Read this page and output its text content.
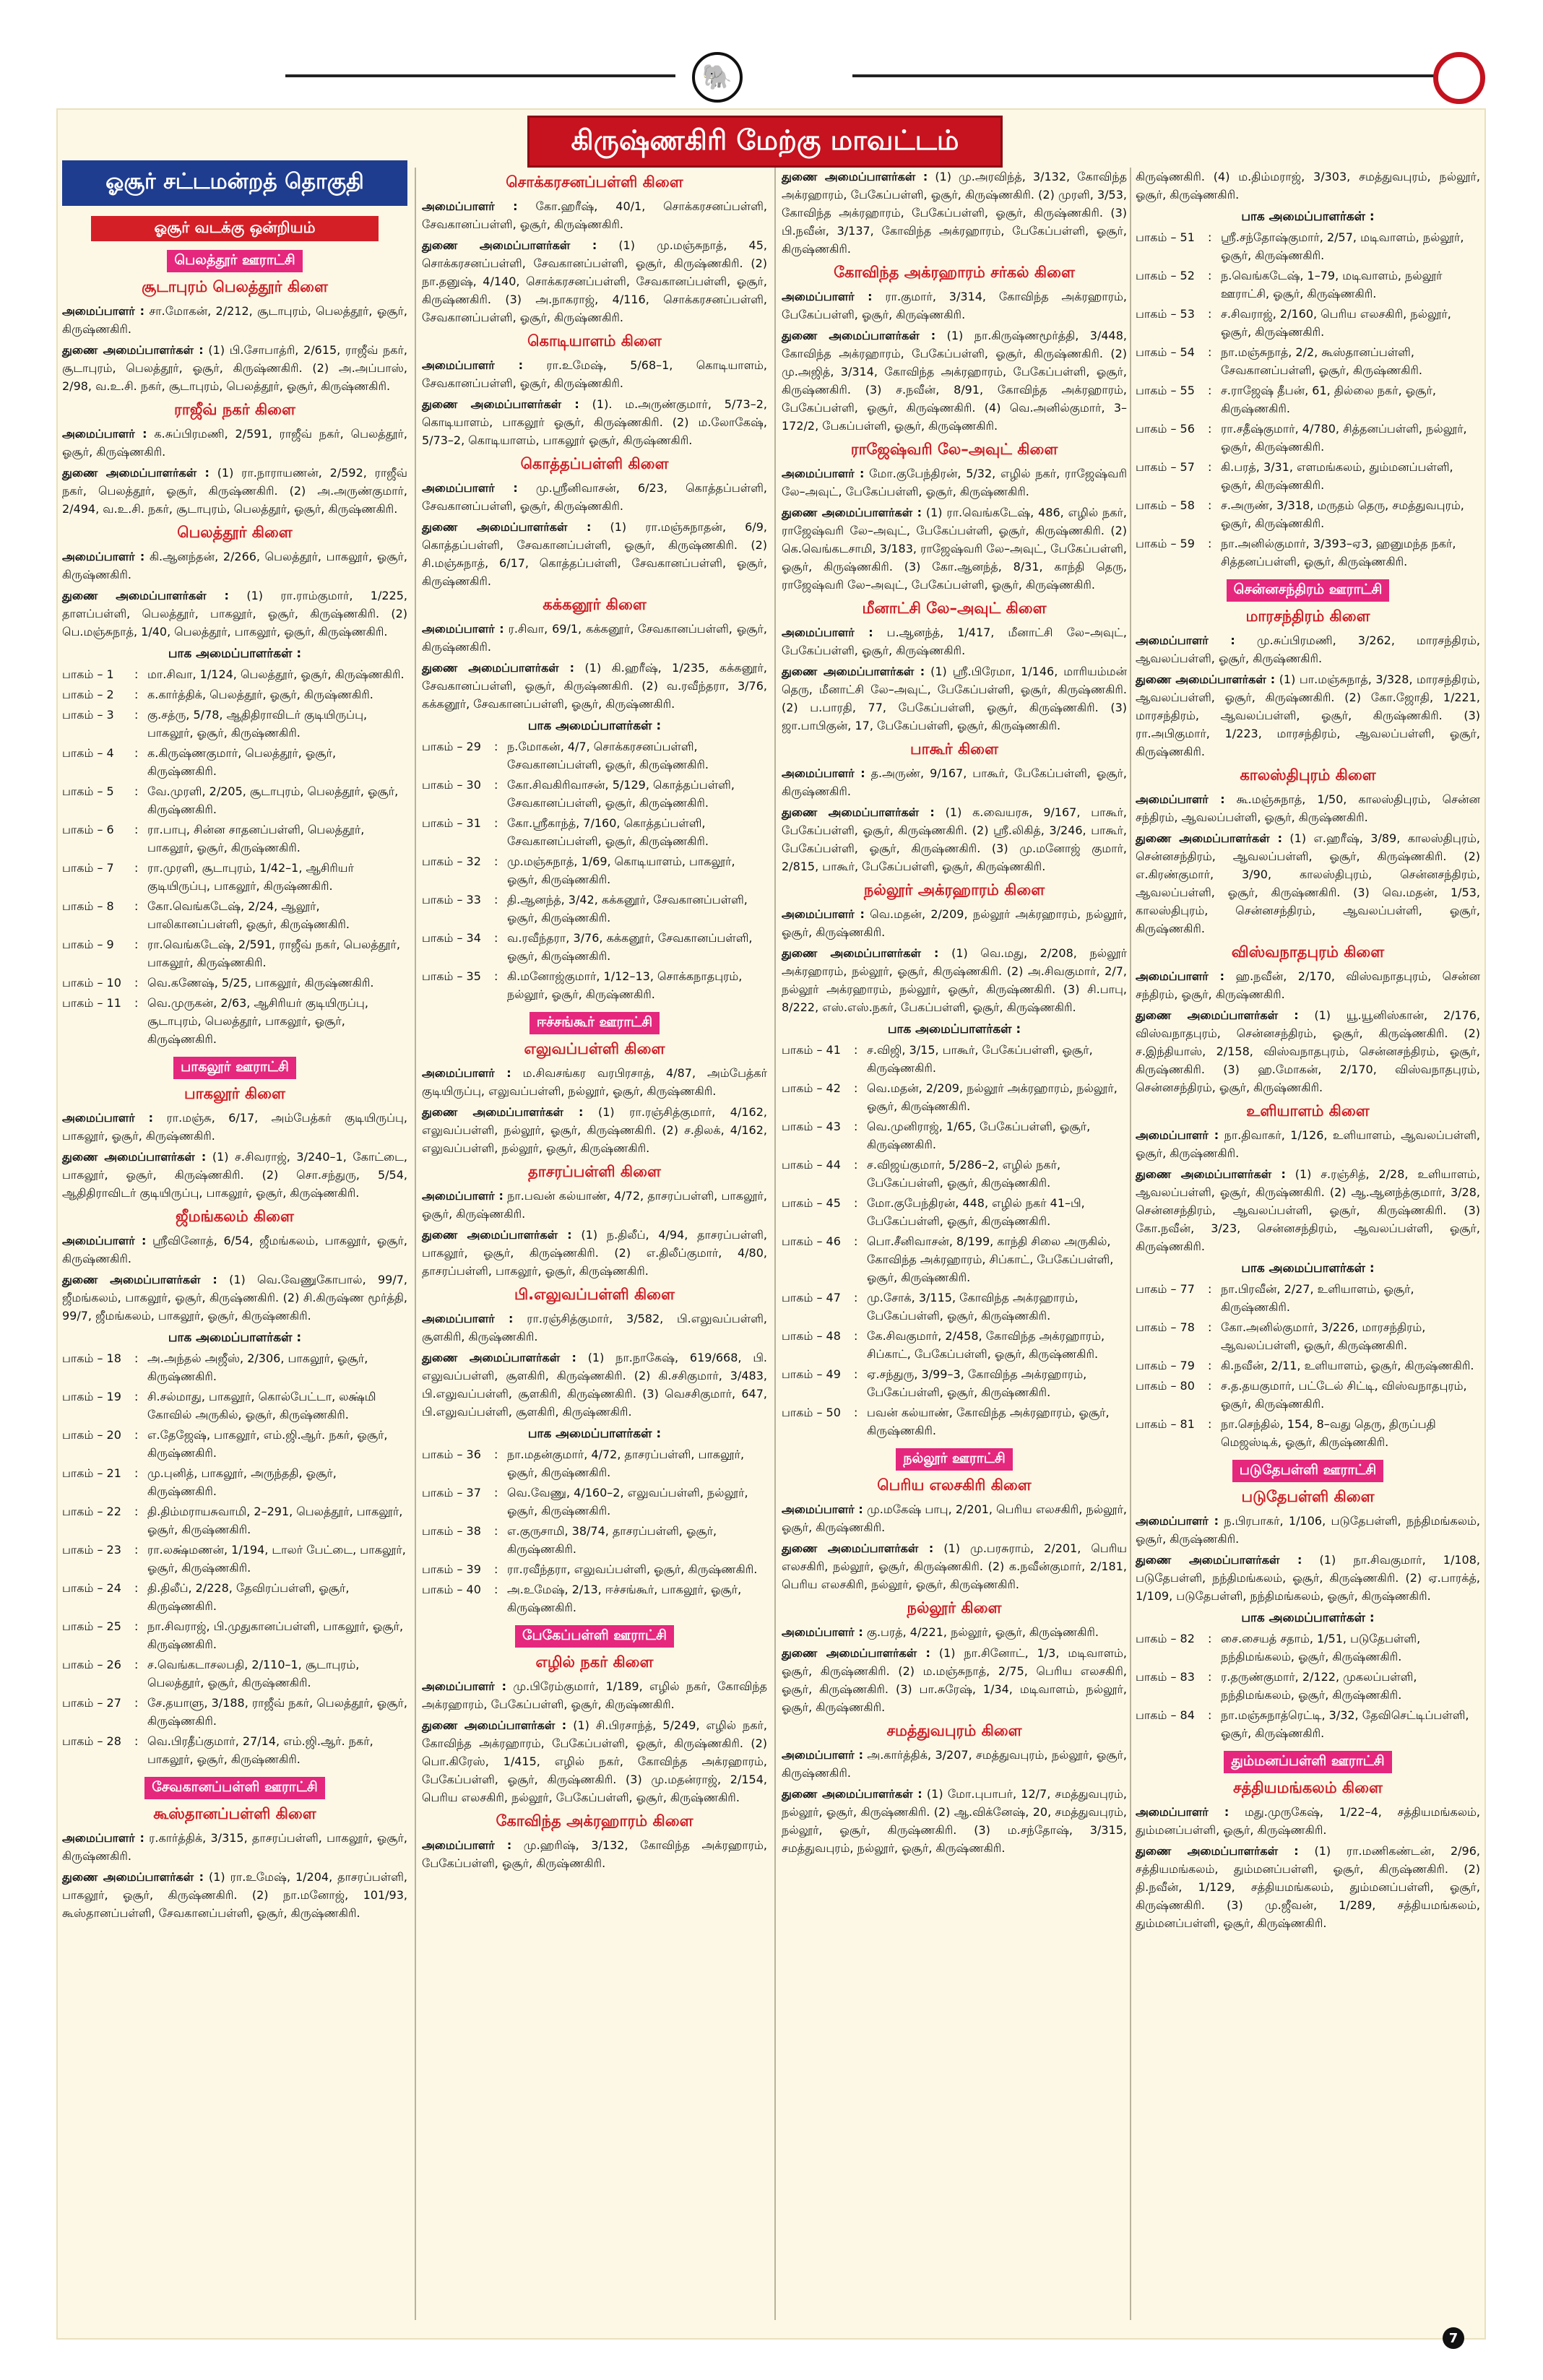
🐘
கிருஷ்ணகிரி மேற்கு மாவட்டம்
ஓசூர் சட்டமன்றத் தொகுதி
ஓசூர் வடக்கு ஒன்றியம்
பெலத்தூர் ஊராட்சி
சூடாபுரம் பெலத்தூர் கிளை
அமைப்பாளர் : சா.மோகன், 2/212, சூடாபுரம், பெலத்தூர், ஓசூர், கிருஷ்ணகிரி.
துணை அமைப்பாளர்கள் : (1) பி.சோபாத்ரி, 2/615, ராஜீவ் நகர், சூடாபுரம், பெலத்தூர், ஓசூர், கிருஷ்ணகிரி. (2) அ.அப்பாஸ், 2/98, வ.உ.சி. நகர், சூடாபுரம், பெலத்தூர், ஓசூர், கிருஷ்ணகிரி.
ராஜீவ் நகர் கிளை
அமைப்பாளர் : க.சுப்பிரமணி, 2/591, ராஜீவ் நகர், பெலத்தூர், ஓசூர், கிருஷ்ணகிரி.
துணை அமைப்பாளர்கள் : (1) ரா.நாராயணன், 2/592, ராஜீவ் நகர், பெலத்தூர், ஓசூர், கிருஷ்ணகிரி. (2) அ.அருண்குமார், 2/494, வ.உ.சி. நகர், சூடாபுரம், பெலத்தூர், ஓசூர், கிருஷ்ணகிரி.
பெலத்தூர் கிளை
அமைப்பாளர் : கி.ஆனந்தன், 2/266, பெலத்தூர், பாகலூர், ஓசூர், கிருஷ்ணகிரி.
துணை அமைப்பாளர்கள் : (1) ரா.ராம்குமார், 1/225, தாளப்பள்ளி, பெலத்தூர், பாகலூர், ஓசூர், கிருஷ்ணகிரி. (2) பெ.மஞ்சுநாத், 1/40, பெலத்தூர், பாகலூர், ஓசூர், கிருஷ்ணகிரி.
பாக அமைப்பாளர்கள் :
பாகம் – 1	: மா.சிவா, 1/124, பெலத்தூர், ஓசூர், கிருஷ்ணகிரி.
பாகம் – 2	: க.கார்த்திக், பெலத்தூர், ஓசூர், கிருஷ்ணகிரி.
பாகம் – 3	: கு.சத்ரு, 5/78, ஆதிதிராவிடர் குடியிருப்பு, பாகலூர், ஓசூர், கிருஷ்ணகிரி.
பாகம் – 4	: க.கிருஷ்ணகுமார், பெலத்தூர், ஓசூர், கிருஷ்ணகிரி.
பாகம் – 5	: வே.முரளி, 2/205, சூடாபுரம், பெலத்தூர், ஓசூர், கிருஷ்ணகிரி.
பாகம் – 6	: ரா.பாபு, சின்ன சாதனப்பள்ளி, பெலத்தூர், பாகலூர், ஓசூர், கிருஷ்ணகிரி.
பாகம் – 7	: ரா.முரளி, சூடாபுரம், 1/42–1, ஆசிரியர் குடியிருப்பு, பாகலூர், கிருஷ்ணகிரி.
பாகம் – 8	: கோ.வெங்கடேஷ், 2/24, ஆலூர், பாலிகானப்பள்ளி, ஓசூர், கிருஷ்ணகிரி.
பாகம் – 9	: ரா.வெங்கடேஷ், 2/591, ராஜீவ் நகர், பெலத்தூர், பாகலூர், கிருஷ்ணகிரி.
பாகம் – 10	: வெ.கணேஷ், 5/25, பாகலூர், கிருஷ்ணகிரி.
பாகம் – 11	: வெ.முருகன், 2/63, ஆசிரியர் குடியிருப்பு, சூடாபுரம், பெலத்தூர், பாகலூர், ஓசூர், கிருஷ்ணகிரி.
பாகலூர் ஊராட்சி
பாகலூர் கிளை
அமைப்பாளர் : ரா.மஞ்சு, 6/17, அம்பேத்கர் குடியிருப்பு, பாகலூர், ஓசூர், கிருஷ்ணகிரி.
துணை அமைப்பாளர்கள் : (1) ச.சிவராஜ், 3/240–1, கோட்டை, பாகலூர், ஓசூர், கிருஷ்ணகிரி. (2) சொ.சந்துரு, 5/54, ஆதிதிராவிடர் குடியிருப்பு, பாகலூர், ஓசூர், கிருஷ்ணகிரி.
ஜீமங்கலம் கிளை
அமைப்பாளர் : ஸ்ரீவினோத், 6/54, ஜீமங்கலம், பாகலூர், ஓசூர், கிருஷ்ணகிரி.
துணை அமைப்பாளர்கள் : (1) வெ.வேணுகோபால், 99/7, ஜீமங்கலம், பாகலூர், ஓசூர், கிருஷ்ணகிரி. (2) சி.கிருஷ்ண மூர்த்தி, 99/7, ஜீமங்கலம், பாகலூர், ஓசூர், கிருஷ்ணகிரி.
பாக அமைப்பாளர்கள் :
பாகம் – 18	: அ.அந்தல் அஜீஸ், 2/306, பாகலூர், ஓசூர், கிருஷ்ணகிரி.
பாகம் – 19	: சி.சல்மாது, பாகலூர், கொல்பேட்டா, லக்ஷ்மி கோவில் அருகில், ஓசூர், கிருஷ்ணகிரி.
பாகம் – 20	: எ.தேஜேஷ், பாகலூர், எம்.ஜி.ஆர். நகர், ஓசூர், கிருஷ்ணகிரி.
பாகம் – 21	: மு.புனித், பாகலூர், அருந்ததி, ஓசூர், கிருஷ்ணகிரி.
பாகம் – 22	: தி.திம்மராயசுவாமி, 2–291, பெலத்தூர், பாகலூர், ஓசூர், கிருஷ்ணகிரி.
பாகம் – 23	: ரா.லக்ஷ்மணன், 1/194, டாலர் பேட்டை, பாகலூர், ஓசூர், கிருஷ்ணகிரி.
பாகம் – 24	: தி.திலீப், 2/228, தேவிரப்பள்ளி, ஓசூர், கிருஷ்ணகிரி.
பாகம் – 25	: நா.சிவராஜ், பி.முதுகானப்பள்ளி, பாகலூர், ஓசூர், கிருஷ்ணகிரி.
பாகம் – 26	: ச.வெங்கடாசலபதி, 2/110–1, சூடாபுரம், பெலத்தூர், ஓசூர், கிருஷ்ணகிரி.
பாகம் – 27	: சே.தயாளு, 3/188, ராஜீவ் நகர், பெலத்தூர், ஓசூர், கிருஷ்ணகிரி.
பாகம் – 28	: வெ.பிரதீப்குமார், 27/14, எம்.ஜி.ஆர். நகர், பாகலூர், ஓசூர், கிருஷ்ணகிரி.
சேவகானப்பள்ளி ஊராட்சி
கூஸ்தானப்பள்ளி கிளை
அமைப்பாளர் : ர.கார்த்திக், 3/315, தாசரப்பள்ளி, பாகலூர், ஓசூர், கிருஷ்ணகிரி.
துணை அமைப்பாளர்கள் : (1) ரா.உமேஷ், 1/204, தாசரப்பள்ளி, பாகலூர், ஓசூர், கிருஷ்ணகிரி. (2) நா.மனோஜ், 101/93, கூஸ்தானப்பள்ளி, சேவகானப்பள்ளி, ஓசூர், கிருஷ்ணகிரி.
சொக்கரசனப்பள்ளி கிளை
அமைப்பாளர் : கோ.ஹரீஷ், 40/1, சொக்கரசனப்பள்ளி, சேவகானப்பள்ளி, ஓசூர், கிருஷ்ணகிரி.
துணை அமைப்பாளர்கள் : (1) மு.மஞ்சுநாத், 45, சொக்கரசனப்பள்ளி, சேவகானப்பள்ளி, ஓசூர், கிருஷ்ணகிரி. (2) நா.தனுஷ், 4/140, சொக்கரசனப்பள்ளி, சேவகானப்பள்ளி, ஓசூர், கிருஷ்ணகிரி. (3) அ.நாகராஜ், 4/116, சொக்கரசனப்பள்ளி, சேவகானப்பள்ளி, ஓசூர், கிருஷ்ணகிரி.
கொடியாளம் கிளை
அமைப்பாளர் : ரா.உமேஷ், 5/68–1, கொடியாளம், சேவகானப்பள்ளி, ஓசூர், கிருஷ்ணகிரி.
துணை அமைப்பாளர்கள் : (1). ம.அருண்குமார், 5/73–2, கொடியாளம், பாகலூர் ஓசூர், கிருஷ்ணகிரி. (2) ம.லோகேஷ், 5/73–2, கொடியாளம், பாகலூர் ஓசூர், கிருஷ்ணகிரி.
கொத்தப்பள்ளி கிளை
அமைப்பாளர் : மு.ஸ்ரீனிவாசன், 6/23, கொத்தப்பள்ளி, சேவகானப்பள்ளி, ஓசூர், கிருஷ்ணகிரி.
துணை அமைப்பாளர்கள் : (1) ரா.மஞ்சுநாதன், 6/9, கொத்தப்பள்ளி, சேவகானப்பள்ளி, ஓசூர், கிருஷ்ணகிரி. (2) சி.மஞ்சுநாத், 6/17, கொத்தப்பள்ளி, சேவகானப்பள்ளி, ஓசூர், கிருஷ்ணகிரி.
கக்கனூர் கிளை
அமைப்பாளர் : ர.சிவா, 69/1, கக்கனூர், சேவகானப்பள்ளி, ஓசூர், கிருஷ்ணகிரி.
துணை அமைப்பாளர்கள் : (1) கி.ஹரீஷ், 1/235, கக்கனூர், சேவகானப்பள்ளி, ஓசூர், கிருஷ்ணகிரி. (2) வ.ரவீந்தரா, 3/76, கக்கனூர், சேவகானப்பள்ளி, ஓசூர், கிருஷ்ணகிரி.
பாக அமைப்பாளர்கள் :
பாகம் – 29	: ந.மோகன், 4/7, சொக்கரசனப்பள்ளி, சேவகானப்பள்ளி, ஓசூர், கிருஷ்ணகிரி.
பாகம் – 30	: கோ.சிவகிரிவாசன், 5/129, கொத்தப்பள்ளி, சேவகானப்பள்ளி, ஓசூர், கிருஷ்ணகிரி.
பாகம் – 31	: கோ.ஸ்ரீகாந்த், 7/160, கொத்தப்பள்ளி, சேவகானப்பள்ளி, ஓசூர், கிருஷ்ணகிரி.
பாகம் – 32	: மு.மஞ்சுநாத், 1/69, கொடியாளம், பாகலூர், ஓசூர், கிருஷ்ணகிரி.
பாகம் – 33	: தி.ஆனந்த், 3/42, கக்கனூர், சேவகானப்பள்ளி, ஓசூர், கிருஷ்ணகிரி.
பாகம் – 34	: வ.ரவீந்தரா, 3/76, கக்கனூர், சேவகானப்பள்ளி, ஓசூர், கிருஷ்ணகிரி.
பாகம் – 35	: கி.மனோஜ்குமார், 1/12–13, சொக்கநாதபுரம், நல்லூர், ஓசூர், கிருஷ்ணகிரி.
ஈச்சங்கூர் ஊராட்சி
எலுவப்பள்ளி கிளை
அமைப்பாளர் : ம.சிவசங்கர வரபிரசாத், 4/87, அம்பேத்கர் குடியிருப்பு, எலுவப்பள்ளி, நல்லூர், ஓசூர், கிருஷ்ணகிரி.
துணை அமைப்பாளர்கள் : (1) ரா.ரஞ்சித்குமார், 4/162, எலுவப்பள்ளி, நல்லூர், ஓசூர், கிருஷ்ணகிரி. (2) ச.திலக், 4/162, எலுவப்பள்ளி, நல்லூர், ஓசூர், கிருஷ்ணகிரி.
தாசரப்பள்ளி கிளை
அமைப்பாளர் : நா.பவன் கல்யாண், 4/72, தாசரப்பள்ளி, பாகலூர், ஓசூர், கிருஷ்ணகிரி.
துணை அமைப்பாளர்கள் : (1) ந.திலீப், 4/94, தாசரப்பள்ளி, பாகலூர், ஓசூர், கிருஷ்ணகிரி. (2) எ.திலீப்குமார், 4/80, தாசரப்பள்ளி, பாகலூர், ஓசூர், கிருஷ்ணகிரி.
பி.எலுவப்பள்ளி கிளை
அமைப்பாளர் : ரா.ரஞ்சித்குமார், 3/582, பி.எலுவப்பள்ளி, சூளகிரி, கிருஷ்ணகிரி.
துணை அமைப்பாளர்கள் : (1) நா.நாகேஷ், 619/668, பி. எலுவப்பள்ளி, சூளகிரி, கிருஷ்ணகிரி. (2) கி.சசிகுமார், 3/483, பி.எலுவப்பள்ளி, சூளகிரி, கிருஷ்ணகிரி. (3) வெசசிகுமார், 647, பி.எலுவப்பள்ளி, சூளகிரி, கிருஷ்ணகிரி.
பாக அமைப்பாளர்கள் :
பாகம் – 36	: நா.மதன்குமார், 4/72, தாசரப்பள்ளி, பாகலூர், ஓசூர், கிருஷ்ணகிரி.
பாகம் – 37	: வெ.வேணு, 4/160–2, எலுவப்பள்ளி, நல்லூர், ஓசூர், கிருஷ்ணகிரி.
பாகம் – 38	: எ.குருசாமி, 38/74, தாசரப்பள்ளி, ஓசூர், கிருஷ்ணகிரி.
பாகம் – 39	: ரா.ரவீந்தரா, எலுவப்பள்ளி, ஓசூர், கிருஷ்ணகிரி.
பாகம் – 40	: அ.உமேஷ், 2/13, ஈச்சங்கூர், பாகலூர், ஓசூர், கிருஷ்ணகிரி.
பேகேப்பள்ளி ஊராட்சி
எழில் நகர் கிளை
அமைப்பாளர் : மு.பிரேம்குமார், 1/189, எழில் நகர், கோவிந்த அக்ரஹாரம், பேகேப்பள்ளி, ஓசூர், கிருஷ்ணகிரி.
துணை அமைப்பாளர்கள் : (1) சி.பிரசாந்த், 5/249, எழில் நகர், கோவிந்த அக்ரஹாரம், பேகேப்பள்ளி, ஓசூர், கிருஷ்ணகிரி. (2) பொ.கிரேஸ், 1/415, எழில் நகர், கோவிந்த அக்ரஹாரம், பேகேப்பள்ளி, ஓசூர், கிருஷ்ணகிரி. (3) மு.மதன்ராஜ், 2/154, பெரிய எலசகிரி, நல்லூர், பேகேப்பள்ளி, ஓசூர், கிருஷ்ணகிரி.
கோவிந்த அக்ரஹாரம் கிளை
அமைப்பாளர் : மு.ஹரிஷ், 3/132, கோவிந்த அக்ரஹாரம், பேகேப்பள்ளி, ஓசூர், கிருஷ்ணகிரி.
துணை அமைப்பாளர்கள் : (1) மு.அரவிந்த், 3/132, கோவிந்த அக்ரஹாரம், பேகேப்பள்ளி, ஓசூர், கிருஷ்ணகிரி. (2) முரளி, 3/53, கோவிந்த அக்ரஹாரம், பேகேப்பள்ளி, ஓசூர், கிருஷ்ணகிரி. (3) பி.நவீன், 3/137, கோவிந்த அக்ரஹாரம், பேகேப்பள்ளி, ஓசூர், கிருஷ்ணகிரி.
கோவிந்த அக்ரஹாரம் சர்கல் கிளை
அமைப்பாளர் : ரா.குமார், 3/314, கோவிந்த அக்ரஹாரம், பேகேப்பள்ளி, ஓசூர், கிருஷ்ணகிரி.
துணை அமைப்பாளர்கள் : (1) நா.கிருஷ்ணமூர்த்தி, 3/448, கோவிந்த அக்ரஹாரம், பேகேப்பள்ளி, ஓசூர், கிருஷ்ணகிரி. (2) மு.அஜித், 3/314, கோவிந்த அக்ரஹாரம், பேகேப்பள்ளி, ஓசூர், கிருஷ்ணகிரி. (3) ச.நவீன், 8/91, கோவிந்த அக்ரஹாரம், பேகேப்பள்ளி, ஓசூர், கிருஷ்ணகிரி. (4) வெ.அனில்குமார், 3–172/2, பேகப்பள்ளி, ஓசூர், கிருஷ்ணகிரி.
ராஜேஷ்வரி லே–அவுட் கிளை
அமைப்பாளர் : மோ.குபேந்திரன், 5/32, எழில் நகர், ராஜேஷ்வரி லே–அவுட், பேகேப்பள்ளி, ஓசூர், கிருஷ்ணகிரி.
துணை அமைப்பாளர்கள் : (1) ரா.வெங்கடேஷ், 486, எழில் நகர், ராஜேஷ்வரி லே–அவுட், பேகேப்பள்ளி, ஓசூர், கிருஷ்ணகிரி. (2) கெ.வெங்கடசாமி, 3/183, ராஜேஷ்வரி லே–அவுட், பேகேப்பள்ளி, ஓசூர், கிருஷ்ணகிரி. (3) கோ.ஆனந்த், 8/31, காந்தி தெரு, ராஜேஷ்வரி லே–அவுட், பேகேப்பள்ளி, ஓசூர், கிருஷ்ணகிரி.
மீனாட்சி லே–அவுட் கிளை
அமைப்பாளர் : ப.ஆனந்த், 1/417, மீனாட்சி லே–அவுட், பேகேப்பள்ளி, ஓசூர், கிருஷ்ணகிரி.
துணை அமைப்பாளர்கள் : (1) ஸ்ரீ.பிரேமா, 1/146, மாரியம்மன் தெரு, மீனாட்சி லே–அவுட், பேகேப்பள்ளி, ஓசூர், கிருஷ்ணகிரி. (2) ப.பாரதி, 77, பேகேப்பள்ளி, ஓசூர், கிருஷ்ணகிரி. (3) ஜா.பாபிகுன், 17, பேகேப்பள்ளி, ஓசூர், கிருஷ்ணகிரி.
பாகூர் கிளை
அமைப்பாளர் : த.அருண், 9/167, பாகூர், பேகேப்பள்ளி, ஓசூர், கிருஷ்ணகிரி.
துணை அமைப்பாளர்கள் : (1) க.வையரசு, 9/167, பாகூர், பேகேப்பள்ளி, ஓசூர், கிருஷ்ணகிரி. (2) ஸ்ரீ.லிகித், 3/246, பாகூர், பேகேப்பள்ளி, ஓசூர், கிருஷ்ணகிரி. (3) மு.மனோஜ் குமார், 2/815, பாகூர், பேகேப்பள்ளி, ஓசூர், கிருஷ்ணகிரி.
நல்லூர் அக்ரஹாரம் கிளை
அமைப்பாளர் : வெ.மதன், 2/209, நல்லூர் அக்ரஹாரம், நல்லூர், ஓசூர், கிருஷ்ணகிரி.
துணை அமைப்பாளர்கள் : (1) வெ.மது, 2/208, நல்லூர் அக்ரஹாரம், நல்லூர், ஓசூர், கிருஷ்ணகிரி. (2) அ.சிவகுமார், 2/7, நல்லூர் அக்ரஹாரம், நல்லூர், ஓசூர், கிருஷ்ணகிரி. (3) சி.பாபு, 8/222, எஸ்.எஸ்.நகர், பேகப்பள்ளி, ஓசூர், கிருஷ்ணகிரி.
பாக அமைப்பாளர்கள் :
பாகம் – 41	: ச.விஜி, 3/15, பாகூர், பேகேப்பள்ளி, ஓசூர், கிருஷ்ணகிரி.
பாகம் – 42	: வெ.மதன், 2/209, நல்லூர் அக்ரஹாரம், நல்லூர், ஓசூர், கிருஷ்ணகிரி.
பாகம் – 43	: வெ.முனிராஜ், 1/65, பேகேப்பள்ளி, ஓசூர், கிருஷ்ணகிரி.
பாகம் – 44	: ச.விஜய்குமார், 5/286–2, எழில் நகர், பேகேப்பள்ளி, ஓசூர், கிருஷ்ணகிரி.
பாகம் – 45	: மோ.குபேந்திரன், 448, எழில் நகர் 41–பி, பேகேப்பள்ளி, ஓசூர், கிருஷ்ணகிரி.
பாகம் – 46	: பொ.சீனிவாசன், 8/199, காந்தி சிலை அருகில், கோவிந்த அக்ரஹாரம், சிப்காட், பேகேப்பள்ளி, ஓசூர், கிருஷ்ணகிரி.
பாகம் – 47	: மு.சோக், 3/115, கோவிந்த அக்ரஹாரம், பேகேப்பள்ளி, ஓசூர், கிருஷ்ணகிரி.
பாகம் – 48	: கே.சிவகுமார், 2/458, கோவிந்த அக்ரஹாரம், சிப்காட், பேகேப்பள்ளி, ஓசூர், கிருஷ்ணகிரி.
பாகம் – 49	: ஏ.சந்துரு, 3/99–3, கோவிந்த அக்ரஹாரம், பேகேப்பள்ளி, ஓசூர், கிருஷ்ணகிரி.
பாகம் – 50	: பவன் கல்யாண், கோவிந்த அக்ரஹாரம், ஓசூர், கிருஷ்ணகிரி.
நல்லூர் ஊராட்சி
பெரிய எலசகிரி கிளை
அமைப்பாளர் : மு.மகேஷ் பாபு, 2/201, பெரிய எலசகிரி, நல்லூர், ஓசூர், கிருஷ்ணகிரி.
துணை அமைப்பாளர்கள் : (1) மு.பரசுராம், 2/201, பெரிய எலசகிரி, நல்லூர், ஓசூர், கிருஷ்ணகிரி. (2) க.நவீன்குமார், 2/181, பெரிய எலசகிரி, நல்லூர், ஓசூர், கிருஷ்ணகிரி.
நல்லூர் கிளை
அமைப்பாளர் : கு.பரத், 4/221, நல்லூர், ஓசூர், கிருஷ்ணகிரி.
துணை அமைப்பாளர்கள் : (1) நா.சினோட், 1/3, மடிவாளம், ஓசூர், கிருஷ்ணகிரி. (2) ம.மஞ்சுநாத், 2/75, பெரிய எலசகிரி, ஓசூர், கிருஷ்ணகிரி. (3) பா.சுரேஷ், 1/34, மடிவாளம், நல்லூர், ஓசூர், கிருஷ்ணகிரி.
சமத்துவபுரம் கிளை
அமைப்பாளர் : அ.கார்த்திக், 3/207, சமத்துவபுரம், நல்லூர், ஓசூர், கிருஷ்ணகிரி.
துணை அமைப்பாளர்கள் : (1) மோ.புபாபர், 12/7, சமத்துவபுரம், நல்லூர், ஓசூர், கிருஷ்ணகிரி. (2) ஆ.விக்னேஷ், 20, சமத்துவபுரம், நல்லூர், ஓசூர், கிருஷ்ணகிரி. (3) ம.சந்தோஷ், 3/315, சமத்துவபுரம், நல்லூர், ஓசூர், கிருஷ்ணகிரி.
கிருஷ்ணகிரி. (4) ம.திம்மராஜ், 3/303, சமத்துவபுரம், நல்லூர், ஓசூர், கிருஷ்ணகிரி.
பாக அமைப்பாளர்கள் :
பாகம் – 51	: ஸ்ரீ.சந்தோஷ்குமார், 2/57, மடிவாளம், நல்லூர், ஓசூர், கிருஷ்ணகிரி.
பாகம் – 52	: ந.வெங்கடேஷ், 1–79, மடிவாளம், நல்லூர் ஊராட்சி, ஓசூர், கிருஷ்ணகிரி.
பாகம் – 53	: ச.சிவராஜ், 2/160, பெரிய எலசகிரி, நல்லூர், ஓசூர், கிருஷ்ணகிரி.
பாகம் – 54	: நா.மஞ்சுநாத், 2/2, கூஸ்தானப்பள்ளி, சேவகானப்பள்ளி, ஓசூர், கிருஷ்ணகிரி.
பாகம் – 55	: ச.ராஜேஷ் தீபன், 61, தில்லை நகர், ஓசூர், கிருஷ்ணகிரி.
பாகம் – 56	: ரா.சதீஷ்குமார், 4/780, சித்தனப்பள்ளி, நல்லூர், ஓசூர், கிருஷ்ணகிரி.
பாகம் – 57	: கி.பரத், 3/31, எளமங்கலம், தும்மனப்பள்ளி, ஓசூர், கிருஷ்ணகிரி.
பாகம் – 58	: ச.அருண், 3/318, மருதம் தெரு, சமத்துவபுரம், ஓசூர், கிருஷ்ணகிரி.
பாகம் – 59	: நா.அனில்குமார், 3/393–ஏ3, ஹனுமந்த நகர், சித்தனப்பள்ளி, ஓசூர், கிருஷ்ணகிரி.
சென்னசந்திரம் ஊராட்சி
மாரசந்திரம் கிளை
அமைப்பாளர் : மு.சுப்பிரமணி, 3/262, மாரசந்திரம், ஆவலப்பள்ளி, ஓசூர், கிருஷ்ணகிரி.
துணை அமைப்பாளர்கள் : (1) பா.மஞ்சுநாத், 3/328, மாரசந்திரம், ஆவலப்பள்ளி, ஓசூர், கிருஷ்ணகிரி. (2) கோ.ஜோதி, 1/221, மாரசந்திரம், ஆவலப்பள்ளி, ஓசூர், கிருஷ்ணகிரி. (3) ரா.அபிகுமார், 1/223, மாரசந்திரம், ஆவலப்பள்ளி, ஓசூர், கிருஷ்ணகிரி.
காலஸ்திபுரம் கிளை
அமைப்பாளர் : கூ.மஞ்சுநாத், 1/50, காலஸ்திபுரம், சென்ன சந்திரம், ஆவலப்பள்ளி, ஓசூர், கிருஷ்ணகிரி.
துணை அமைப்பாளர்கள் : (1) எ.ஹரீஷ், 3/89, காலஸ்திபுரம், சென்னசந்திரம், ஆவலப்பள்ளி, ஓசூர், கிருஷ்ணகிரி. (2) எ.கிரண்குமார், 3/90, காலஸ்திபுரம், சென்னசந்திரம், ஆவலப்பள்ளி, ஓசூர், கிருஷ்ணகிரி. (3) வெ.மதன், 1/53, காலஸ்திபுரம், சென்னசந்திரம், ஆவலப்பள்ளி, ஓசூர், கிருஷ்ணகிரி.
விஸ்வநாதபுரம் கிளை
அமைப்பாளர் : ஹ.நவீன், 2/170, விஸ்வநாதபுரம், சென்ன சந்திரம், ஓசூர், கிருஷ்ணகிரி.
துணை அமைப்பாளர்கள் : (1) யூ.யூனிஸ்கான், 2/176, விஸ்வநாதபுரம், சென்னசந்திரம், ஓசூர், கிருஷ்ணகிரி. (2) ச.இந்தியாஸ், 2/158, விஸ்வநாதபுரம், சென்னசந்திரம், ஓசூர், கிருஷ்ணகிரி. (3) ஹ.மோகன், 2/170, விஸ்வநாதபுரம், சென்னசந்திரம், ஓசூர், கிருஷ்ணகிரி.
உளியாளம் கிளை
அமைப்பாளர் : நா.திவாகர், 1/126, உளியாளம், ஆவலப்பள்ளி, ஓசூர், கிருஷ்ணகிரி.
துணை அமைப்பாளர்கள் : (1) ச.ரஞ்சித், 2/28, உளியாளம், ஆவலப்பள்ளி, ஓசூர், கிருஷ்ணகிரி. (2) ஆ.ஆனந்த்குமார், 3/28, சென்னசந்திரம், ஆவலப்பள்ளி, ஓசூர், கிருஷ்ணகிரி. (3) கோ.நவீன், 3/23, சென்னசந்திரம், ஆவலப்பள்ளி, ஓசூர், கிருஷ்ணகிரி.
பாக அமைப்பாளர்கள் :
பாகம் – 77	: நா.பிரவீன், 2/27, உளியாளம், ஓசூர், கிருஷ்ணகிரி.
பாகம் – 78	: கோ.அனில்குமார், 3/226, மாரசந்திரம், ஆவலப்பள்ளி, ஓசூர், கிருஷ்ணகிரி.
பாகம் – 79	: கி.நவீன், 2/11, உளியாளம், ஓசூர், கிருஷ்ணகிரி.
பாகம் – 80	: ச.த.தயகுமார், பட்டேல் சிட்டி, விஸ்வநாதபுரம், ஓசூர், கிருஷ்ணகிரி.
பாகம் – 81	: நா.செந்தில், 154, 8–வது தெரு, திருப்பதி மெஜஸ்டிக், ஓசூர், கிருஷ்ணகிரி.
படுதேபள்ளி ஊராட்சி
படுதேபள்ளி கிளை
அமைப்பாளர் : ந.பிரபாகர், 1/106, படுதேபள்ளி, நந்திமங்கலம், ஓசூர், கிருஷ்ணகிரி.
துணை அமைப்பாளர்கள் : (1) நா.சிவகுமார், 1/108, படுதேபள்ளி, நந்திமங்கலம், ஓசூர், கிருஷ்ணகிரி. (2) ஏ.பாரக்த், 1/109, படுதேபள்ளி, நந்திமங்கலம், ஓசூர், கிருஷ்ணகிரி.
பாக அமைப்பாளர்கள் :
பாகம் – 82	: சை.சையத் சதாம், 1/51, படுதேபள்ளி, நந்திமங்கலம், ஓசூர், கிருஷ்ணகிரி.
பாகம் – 83	: ர.தருண்குமார், 2/122, முகலப்பள்ளி, நந்திமங்கலம், ஓசூர், கிருஷ்ணகிரி.
பாகம் – 84	: நா.மஞ்சுநாத்ரெட்டி, 3/32, தேவிசெட்டிப்பள்ளி, ஓசூர், கிருஷ்ணகிரி.
தும்மனப்பள்ளி ஊராட்சி
சத்தியமங்கலம் கிளை
அமைப்பாளர் : மது.முருகேஷ், 1/22–4, சத்தியமங்கலம், தும்மனப்பள்ளி, ஓசூர், கிருஷ்ணகிரி.
துணை அமைப்பாளர்கள் : (1) ரா.மணிகண்டன், 2/96, சத்தியமங்கலம், தும்மனப்பள்ளி, ஓசூர், கிருஷ்ணகிரி. (2) தி.நவீன், 1/129, சத்தியமங்கலம், தும்மனப்பள்ளி, ஓசூர், கிருஷ்ணகிரி. (3) மு.ஜீவன், 1/289, சத்தியமங்கலம், தும்மனப்பள்ளி, ஓசூர், கிருஷ்ணகிரி.
7
